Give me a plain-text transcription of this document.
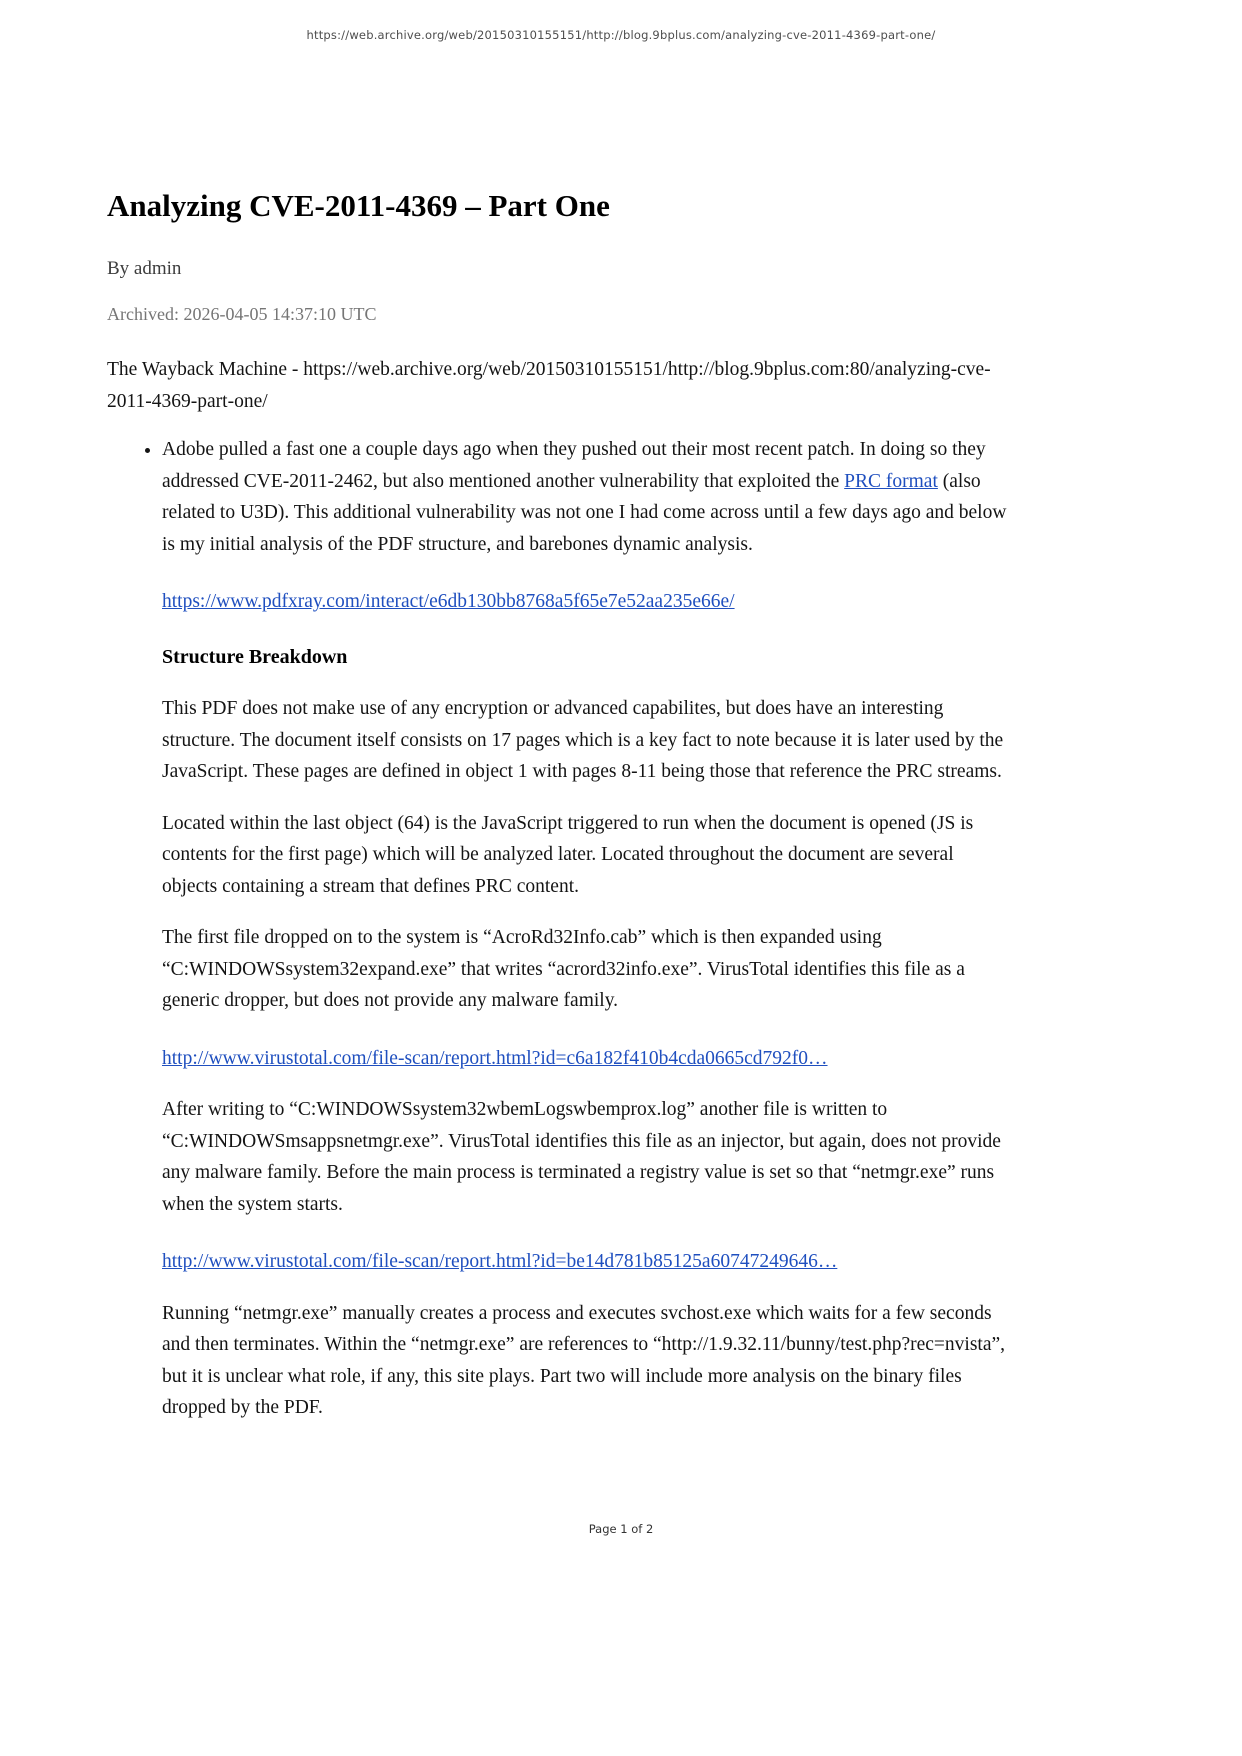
https://web.archive.org/web/20150310155151/http://blog.9bplus.com/analyzing-cve-2011-4369-part-one/
Analyzing CVE-2011-4369 – Part One

By admin

Archived: 2026-04-05 14:37:10 UTC

The Wayback Machine - https://web.archive.org/web/20150310155151/http://blog.9bplus.com:80/analyzing-cve-2011-4369-part-one/

• Adobe pulled a fast one a couple days ago when they pushed out their most recent patch. In doing so they addressed CVE-2011-2462, but also mentioned another vulnerability that exploited the PRC format (also related to U3D). This additional vulnerability was not one I had come across until a few days ago and below is my initial analysis of the PDF structure, and barebones dynamic analysis.

https://www.pdfxray.com/interact/e6db130bb8768a5f65e7e52aa235e66e/

Structure Breakdown

This PDF does not make use of any encryption or advanced capabilites, but does have an interesting structure. The document itself consists on 17 pages which is a key fact to note because it is later used by the JavaScript. These pages are defined in object 1 with pages 8-11 being those that reference the PRC streams.

Located within the last object (64) is the JavaScript triggered to run when the document is opened (JS is contents for the first page) which will be analyzed later. Located throughout the document are several objects containing a stream that defines PRC content.

The first file dropped on to the system is “AcroRd32Info.cab” which is then expanded using “C:WINDOWSsystem32expand.exe” that writes “acrord32info.exe”. VirusTotal identifies this file as a generic dropper, but does not provide any malware family.

http://www.virustotal.com/file-scan/report.html?id=c6a182f410b4cda0665cd792f0…

After writing to “C:WINDOWSsystem32wbemLogswbemprox.log” another file is written to “C:WINDOWSmsappsnetmgr.exe”. VirusTotal identifies this file as an injector, but again, does not provide any malware family. Before the main process is terminated a registry value is set so that “netmgr.exe” runs when the system starts.

http://www.virustotal.com/file-scan/report.html?id=be14d781b85125a60747249646…

Running “netmgr.exe” manually creates a process and executes svchost.exe which waits for a few seconds and then terminates. Within the “netmgr.exe” are references to “http://1.9.32.11/bunny/test.php?rec=nvista”, but it is unclear what role, if any, this site plays. Part two will include more analysis on the binary files dropped by the PDF.

Page 1 of 2
